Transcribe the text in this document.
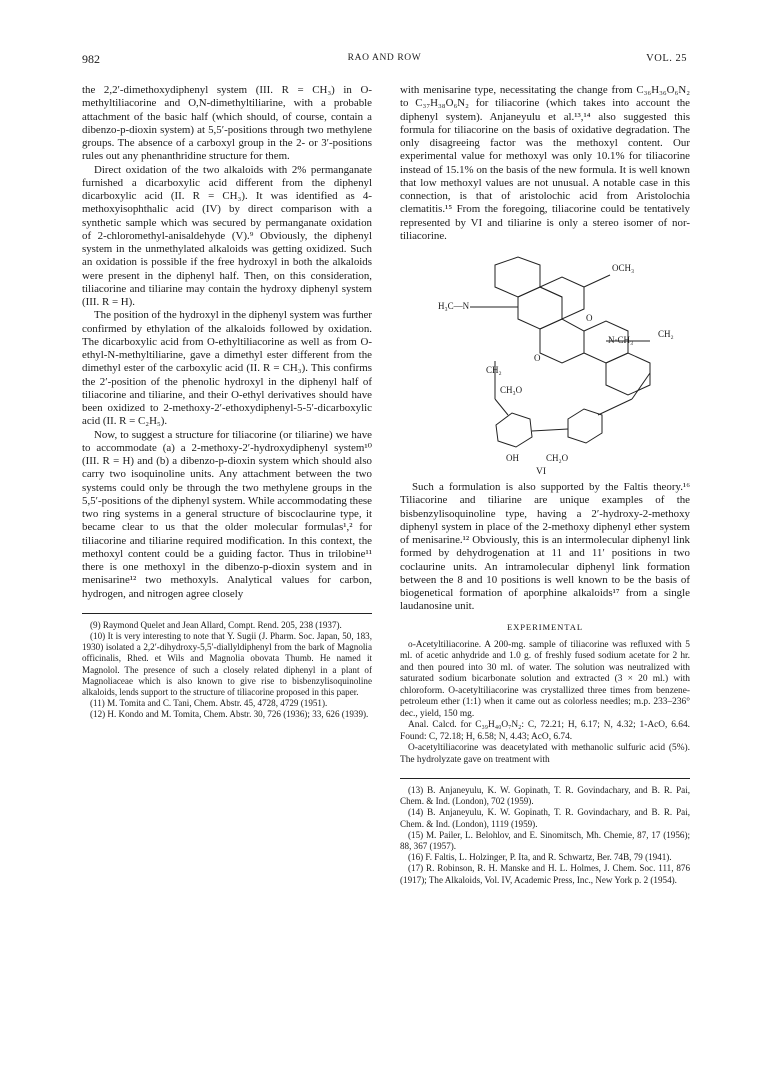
982	RAO AND ROW	VOL. 25

the 2,2′-dimethoxydiphenyl system (III. R = CH₃) in O-methyltiliacorine and O,N-dimethyltiliarine, with a probable attachment of the basic half (which should, of course, contain a dibenzo-p-dioxin system) at 5,5′-positions through two methylene groups. The absence of a carboxyl group in the 2- or 3′-positions rules out any phenanthridine structure for them.

Direct oxidation of the two alkaloids with 2% permanganate furnished a dicarboxylic acid different from the diphenyl dicarboxylic acid (II. R = CH₃). It was identified as 4-methoxyisophthalic acid (IV) by direct comparison with a synthetic sample which was secured by permanganate oxidation of 2-chloromethyl-anisaldehyde (V).⁹ Obviously, the diphenyl system in the unmethylated alkaloids was getting oxidized. Such an oxidation is possible if the free hydroxyl in both the alkaloids were present in the diphenyl half. Then, on this consideration, tiliacorine and tiliarine may contain the hydroxy diphenyl system (III. R = H).

The position of the hydroxyl in the diphenyl system was further confirmed by ethylation of the alkaloids followed by oxidation. The dicarboxylic acid from O-ethyltiliacorine as well as from O-ethyl-N-methyltiliarine, gave a dimethyl ester different from the dimethyl ester of the carboxylic acid (II. R = CH₃). This confirms the 2′-position of the phenolic hydroxyl in the diphenyl half of tiliacorine and tiliarine, and their O-ethyl derivatives should have been oxidized to 2-methoxy-2′-ethoxydiphenyl-5-5′-dicarboxylic acid (II. R = C₂H₅).

Now, to suggest a structure for tiliacorine (or tiliarine) we have to accommodate (a) a 2-methoxy-2′-hydroxydiphenyl system¹⁰ (III. R = H) and (b) a dibenzo-p-dioxin system which should also carry two isoquinoline units. Any attachment between the two systems could only be through the two methylene groups in the 5,5′-positions of the diphenyl system. While accommodating these two ring systems in a general structure of biscoclaurine type, it became clear to us that the older molecular formulas¹,² for tiliacorine and tiliarine required modification. In this context, the methoxyl content could be a guiding factor. Thus in trilobine¹¹ there is one methoxyl in the dibenzo-p-dioxin system and in menisarine¹² two methoxyls. Analytical values for carbon, hydrogen, and nitrogen agree closely

(9) Raymond Quelet and Jean Allard, Compt. Rend. 205, 238 (1937).

(10) It is very interesting to note that Y. Sugii (J. Pharm. Soc. Japan, 50, 183, 1930) isolated a 2,2′-dihydroxy-5,5′-diallyldiphenyl from the bark of Magnolia officinalis, Rhed. et Wils and Magnolia obovata Thumb. He named it Magnolol. The presence of such a closely related diphenyl in a plant of Magnoliaceae which is also known to give rise to bisbenzylisoquinoline alkaloids, lends support to the structure of tiliacorine proposed in this paper.

(11) M. Tomita and C. Tani, Chem. Abstr. 45, 4728, 4729 (1951).

(12) H. Kondo and M. Tomita, Chem. Abstr. 30, 726 (1936); 33, 626 (1939).

with menisarine type, necessitating the change from C₃₆H₃₆O₆N₂ to C₃₇H₃₈O₆N₂ for tiliacorine (which takes into account the diphenyl system). Anjaneyulu et al.¹³,¹⁴ also suggested this formula for tiliacorine on the basis of oxidative degradation. The only disagreeing factor was the methoxyl content. Our experimental value for methoxyl was only 10.1% for tiliacorine instead of 15.1% on the basis of the new formula. It is well known that low methoxyl values are not unusual. A notable case in this connection, is that of aristolochic acid from Aristolochia clematitis.¹⁵ From the foregoing, tiliacorine could be tentatively represented by VI and tiliarine is only a stereo isomer of nor-tiliacorine.

OCH₃
H₃C—N
O
O
N·CH₃
CH₂
CH₂
CH₃O
OH	CH₂O
VI

Such a formulation is also supported by the Faltis theory.¹⁶ Tiliacorine and tiliarine are unique examples of the bisbenzylisoquinoline type, having a 2′-hydroxy-2-methoxy diphenyl system in place of the 2-methoxy diphenyl ether system of menisarine.¹² Obviously, this is an intermolecular diphenyl link formed by dehydrogenation at 11 and 11′ positions in two coclaurine units. An intramolecular diphenyl link formation between the 8 and 10 positions is well known to be the basis of biogenetical formation of aporphine alkaloids¹⁷ from a single laudanosine unit.

EXPERIMENTAL

o-Acetyltiliacorine. A 200-mg. sample of tiliacorine was refluxed with 5 ml. of acetic anhydride and 1.0 g. of freshly fused sodium acetate for 2 hr. and then poured into 30 ml. of water. The solution was neutralized with saturated sodium bicarbonate solution and extracted (3 × 20 ml.) with chloroform. O-acetyltiliacorine was crystallized three times from benzene-petroleum ether (1:1) when it came out as colorless needles; m.p. 233–236° dec., yield, 150 mg.

Anal. Calcd. for C₃₉H₄₀O₇N₂: C, 72.21; H, 6.17; N, 4.32; 1-AcO, 6.64. Found: C, 72.18; H, 6.58; N, 4.43; AcO, 6.74.

O-acetyltiliacorine was deacetylated with methanolic sulfuric acid (5%). The hydrolyzate gave on treatment with

(13) B. Anjaneyulu, K. W. Gopinath, T. R. Govindachary, and B. R. Pai, Chem. & Ind. (London), 702 (1959).

(14) B. Anjaneyulu, K. W. Gopinath, T. R. Govindachary, and B. R. Pai, Chem. & Ind. (London), 1119 (1959).

(15) M. Pailer, L. Belohlov, and E. Sinomitsch, Mh. Chemie, 87, 17 (1956); 88, 367 (1957).

(16) F. Faltis, L. Holzinger, P. Ita, and R. Schwartz, Ber. 74B, 79 (1941).

(17) R. Robinson, R. H. Manske and H. L. Holmes, J. Chem. Soc. 111, 876 (1917); The Alkaloids, Vol. IV, Academic Press, Inc., New York p. 2 (1954).
